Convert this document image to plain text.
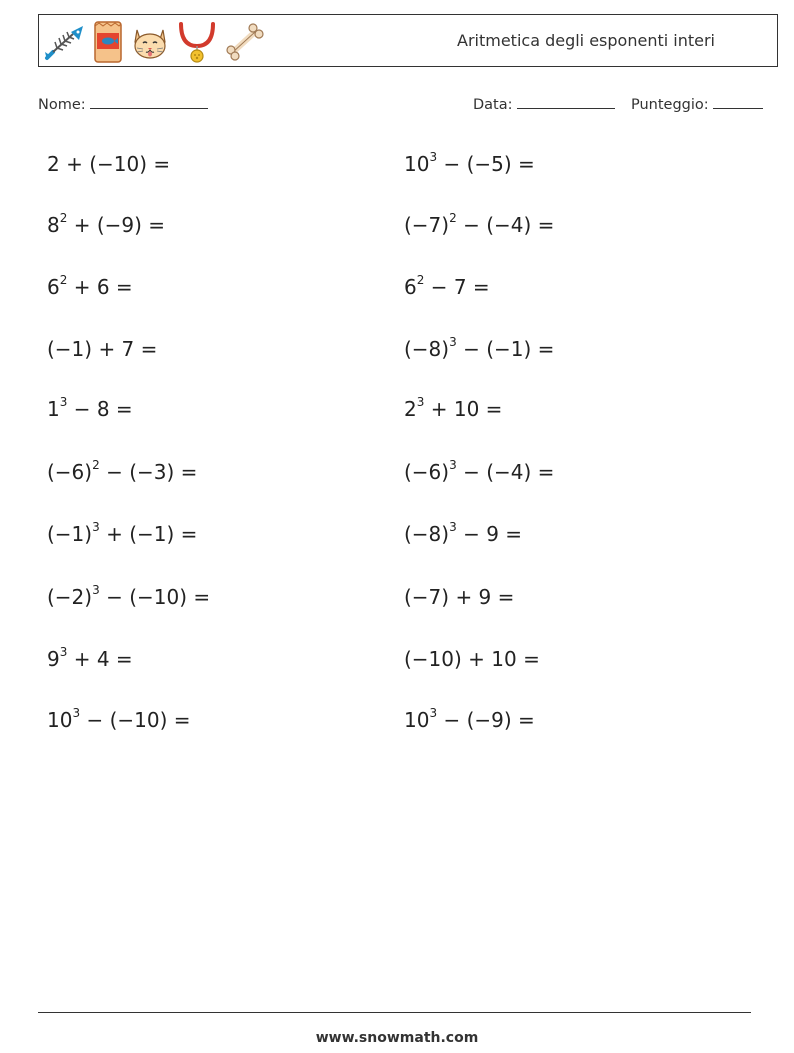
Aritmetica degli esponenti interi
Nome:	Data:	Punteggio:
2 + (−10) =	$10^3 - (-5)$ =
$8^2 + (-9)$ =	$(-7)^2 - (-4)$ =
$6^2 + 6$ =	$6^2 - 7$ =
(−1) + 7 =	$(-8)^3 - (-1)$ =
$1^3 - 8$ =	$2^3 + 10$ =
$(-6)^2 - (-3)$ =	$(-6)^3 - (-4)$ =
$(-1)^3 + (-1)$ =	$(-8)^3 - 9$ =
$(-2)^3 - (-10)$ =	(−7) + 9 =
$9^3 + 4$ =	(−10) + 10 =
$10^3 - (-10)$ =	$10^3 - (-9)$ =
www.snowmath.com
